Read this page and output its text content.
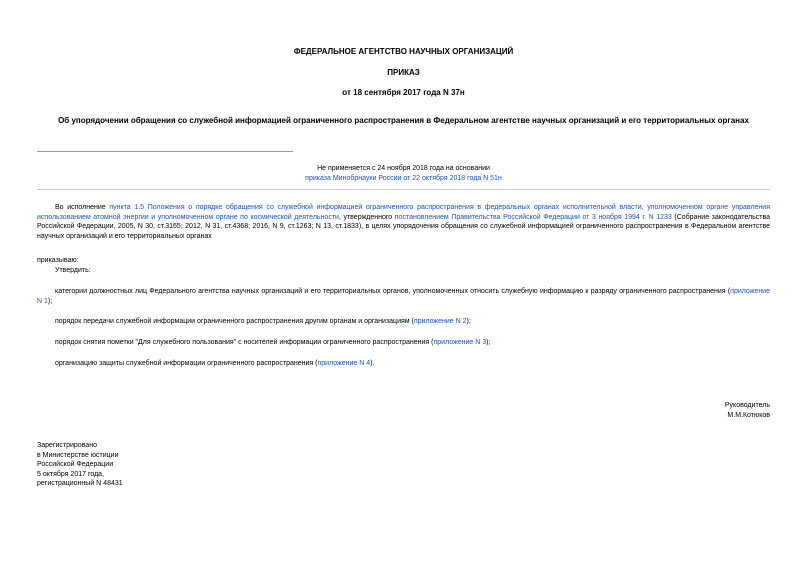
ФЕДЕРАЛЬНОЕ АГЕНТСТВО НАУЧНЫХ ОРГАНИЗАЦИЙ
ПРИКАЗ
от 18 сентября 2017 года N 37н
Об упорядочении обращения со служебной информацией ограниченного распространения в Федеральном агентстве научных организаций и его территориальных органах
Не применяется с 24 ноября 2018 года на основании
приказа Минобрнауки России от 22 октября 2018 года N 51н
Во исполнение пункта 1.5 Положения о порядке обращения со служебной информацией ограниченного распространения в федеральных органах исполнительной власти, уполномоченном органе управления использованием атомной энергии и уполномоченном органе по космической деятельности, утвержденного постановлением Правительства Российской Федерации от 3 ноября 1994 г. N 1233 (Собрание законодательства Российской Федерации, 2005, N 30, ст.3165; 2012, N 31, ст.4368; 2016, N 9, ст.1263; N 13, ст.1833), в целях упорядочения обращения со служебной информацией ограниченного распространения в Федеральном агентстве научных организаций и его территориальных органах
приказываю:
Утвердить:
категории должностных лиц Федерального агентства научных организаций и его территориальных органов, уполномоченных относить служебную информацию к разряду ограниченного распространения (приложение N 1);
порядок передачи служебной информации ограниченного распространения другим органам и организациям (приложение N 2);
порядок снятия пометки "Для служебного пользования" с носителей информации ограниченного распространения (приложение N 3);
организацию защиты служебной информации ограниченного распространения (приложение N 4).
Руководитель
М.М.Котюков
Зарегистрировано
в Министерстве юстиции
Российской Федерации
5 октября 2017 года,
регистрационный N 48431
